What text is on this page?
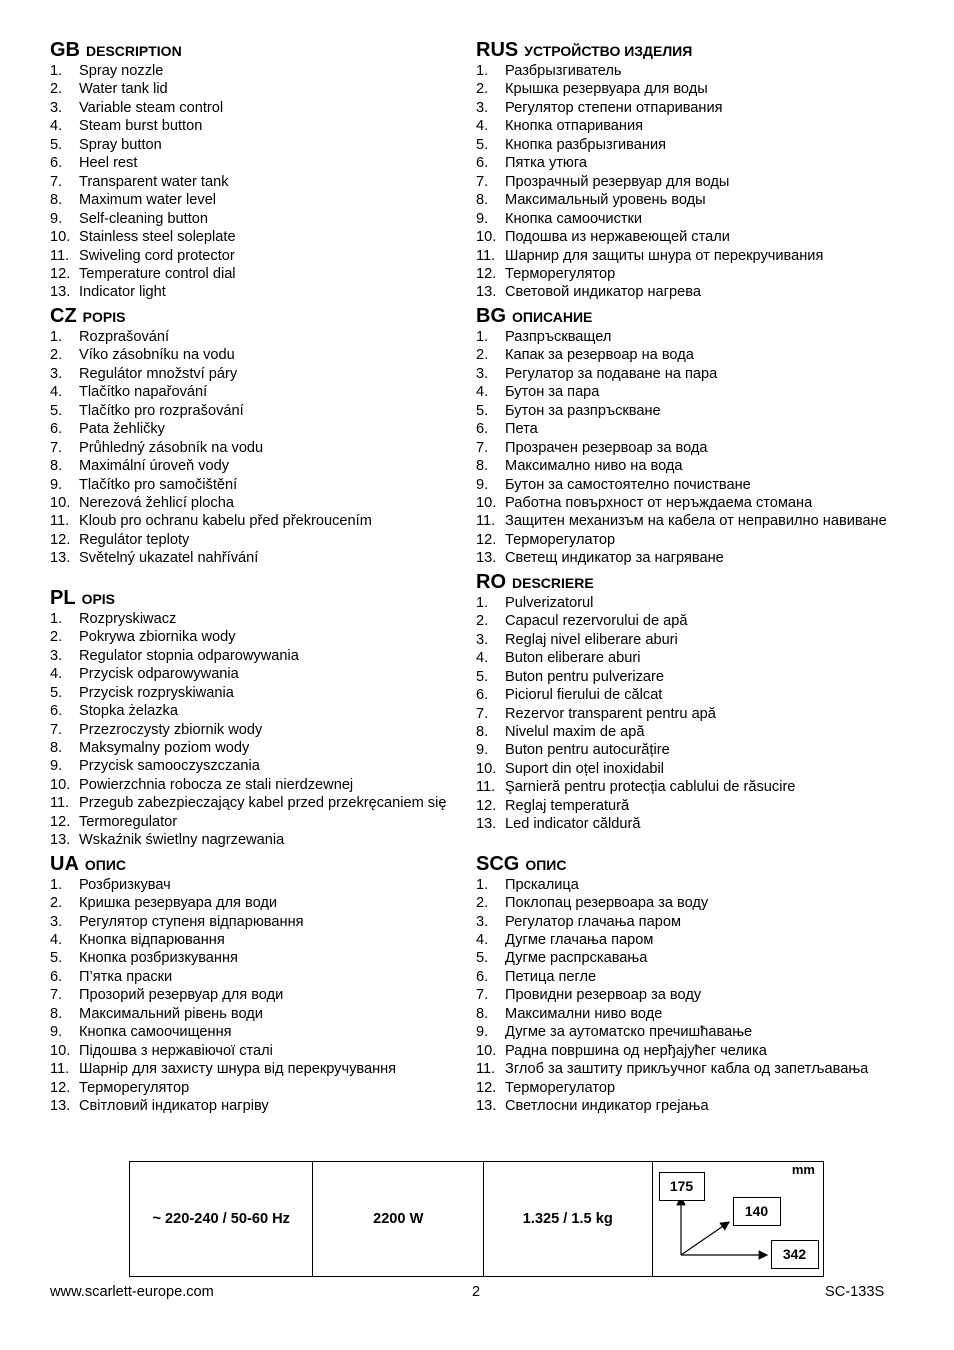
GB DESCRIPTION
1. Spray nozzle
2. Water tank lid
3. Variable steam control
4. Steam burst button
5. Spray button
6. Heel rest
7. Transparent water tank
8. Maximum water level
9. Self-cleaning button
10. Stainless steel soleplate
11. Swiveling cord protector
12. Temperature control dial
13. Indicator light
CZ POPIS
1. Rozprašování
2. Víko zásobníku na vodu
3. Regulátor množství páry
4. Tlačítko napařování
5. Tlačítko pro rozprašování
6. Pata žehličky
7. Průhledný zásobník na vodu
8. Maximální úroveň vody
9. Tlačítko pro samočištění
10. Nerezová žehlicí plocha
11. Kloub pro ochranu kabelu před překroucením
12. Regulátor teploty
13. Světelný ukazatel nahřívání
PL OPIS
1. Rozpryskiwacz
2. Pokrywa zbiornika wody
3. Regulator stopnia odparowywania
4. Przycisk odparowywania
5. Przycisk rozpryskiwania
6. Stopka żelazka
7. Przezroczysty zbiornik wody
8. Maksymalny poziom wody
9. Przycisk samooczyszczania
10. Powierzchnia robocza ze stali nierdzewnej
11. Przegub zabezpieczający kabel przed przekręcaniem się
12. Termoregulator
13. Wskaźnik świetlny nagrzewania
UA ОПИС
1. Розбризкувач
2. Кришка резервуара для води
3. Регулятор ступеня відпарювання
4. Кнопка відпарювання
5. Кнопка розбризкування
6. П’ятка праски
7. Прозорий резервуар для води
8. Максимальний рівень води
9. Кнопка самоочищення
10. Підошва з нержавіючої сталі
11. Шарнір для захисту шнура від перекручування
12. Терморегулятор
13. Світловий індикатор нагріву
RUS УСТРОЙСТВО ИЗДЕЛИЯ
1. Разбрызгиватель
2. Крышка резервуара для воды
3. Регулятор степени отпаривания
4. Кнопка отпаривания
5. Кнопка разбрызгивания
6. Пятка утюга
7. Прозрачный резервуар для воды
8. Максимальный уровень воды
9. Кнопка самоочистки
10. Подошва из нержавеющей стали
11. Шарнир для защиты шнура от перекручивания
12. Терморегулятор
13. Световой индикатор нагрева
BG ОПИСАНИЕ
1. Разпръскващел
2. Капак за резервоар на вода
3. Регулатор за подаване на пара
4. Бутон за пара
5. Бутон за разпръскване
6. Пета
7. Прозрачен резервоар за вода
8. Максимално ниво на вода
9. Бутон за самостоятелно почистване
10. Работна повърхност от неръждаема стомана
11. Защитен механизъм на кабела от неправилно навиване
12. Терморегулатор
13. Светещ индикатор за нагряване
RO DESCRIERE
1. Pulverizatorul
2. Capacul rezervorului de apă
3. Reglaj nivel eliberare aburi
4. Buton eliberare aburi
5. Buton pentru pulverizare
6. Piciorul fierului de călcat
7. Rezervor transparent pentru apă
8. Nivelul maxim de apă
9. Buton pentru autocurățire
10. Suport din oțel inoxidabil
11. Şarnieră pentru protecția cablului de răsucire
12. Reglaj temperatură
13. Led indicator căldură
SCG ОПИС
1. Прскалица
2. Поклопац резервоара за воду
3. Регулатор глачања паром
4. Дугме глачања паром
5. Дугме распрскавања
6. Петица пегле
7. Провидни резервоар за воду
8. Максимални ниво воде
9. Дугме за аутоматско пречишћавање
10. Радна површина од нерђајућег челика
11. Зглоб за заштиту прикључног кабла од запетљавања
12. Терморегулатор
13. Светлосни индикатор грејања
~ 220-240 / 50-60 Hz	2200 W	1.325 / 1.5 kg
mm
175
140
342
www.scarlett-europe.com	2	SC-133S
